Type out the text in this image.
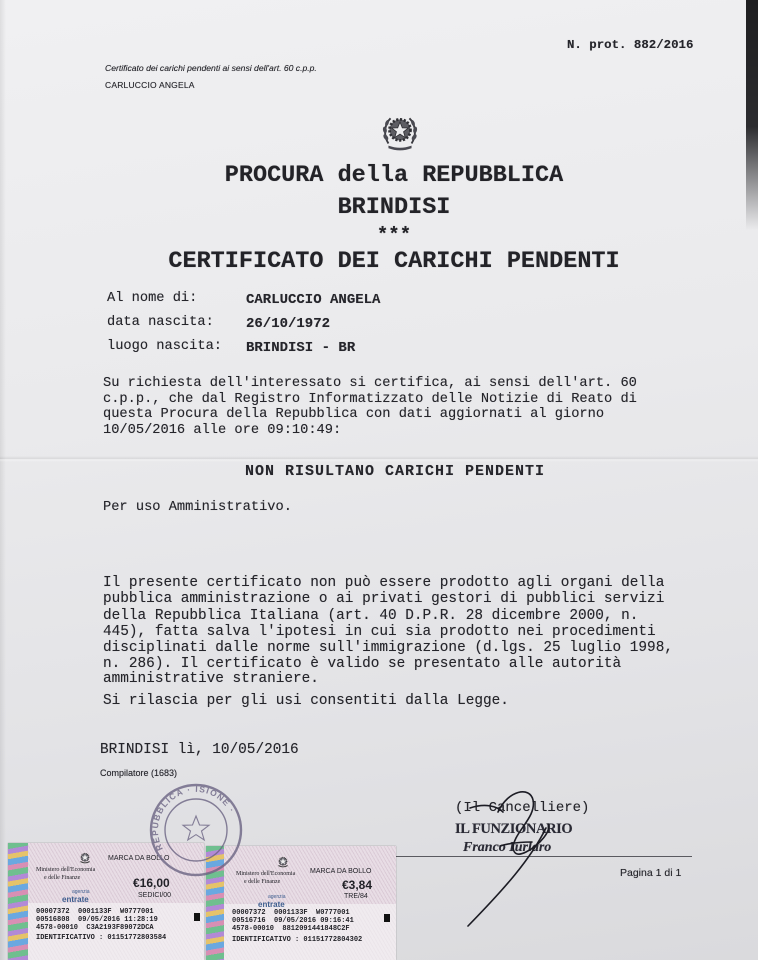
N. prot. 882/2016
Certificato dei carichi pendenti ai sensi dell'art. 60 c.p.p.
CARLUCCIO ANGELA
PROCURA della REPUBBLICA
BRINDISI
***
CERTIFICATO DEI CARICHI PENDENTI
Al nome di:	CARLUCCIO ANGELA
data nascita: 26/10/1972
luogo nascita: BRINDISI - BR
Su richiesta dell'interessato si certifica, ai sensi dell'art. 60
c.p.p., che dal Registro Informatizzato delle Notizie di Reato di
questa Procura della Repubblica con dati aggiornati al giorno
10/05/2016 alle ore 09:10:49:
NON RISULTANO CARICHI PENDENTI
Per uso Amministrativo.
Il presente certificato non può essere prodotto agli organi della
pubblica amministrazione o ai privati gestori di pubblici servizi
della Repubblica Italiana (art. 40 D.P.R. 28 dicembre 2000, n.
445), fatta salva l'ipotesi in cui sia prodotto nei procedimenti
disciplinati dalle norme sull'immigrazione (d.lgs. 25 luglio 1998,
n. 286). Il certificato è valido se presentato alle autorità
amministrative straniere.
Si rilascia per gli usi consentiti dalla Legge.
BRINDISI lì, 10/05/2016
Compilatore (1683)
(Il Cancelliere)
IL FUNZIONARIO
Franco Iurlaro
Pagina 1 di 1
Ministero dell'Economia
e delle Finanze
MARCA DA BOLLO
€16,00
SEDICI/00
agenzia
entrate
00007372  0001133F  W0777001
00516808  09/05/2016 11:28:19
4578-00010  C3A2193F89072DCA
IDENTIFICATIVO : 01151772803584
Ministero dell'Economia
e delle Finanze
MARCA DA BOLLO
€3,84
TRE/84
agenzia
entrate
00007372  0001133F  W0777001
00516716  09/05/2016 09:16:41
4578-00010  8812091441848C2F
IDENTIFICATIVO : 01151772804302
REPUBBLICA · ISIONE ·
